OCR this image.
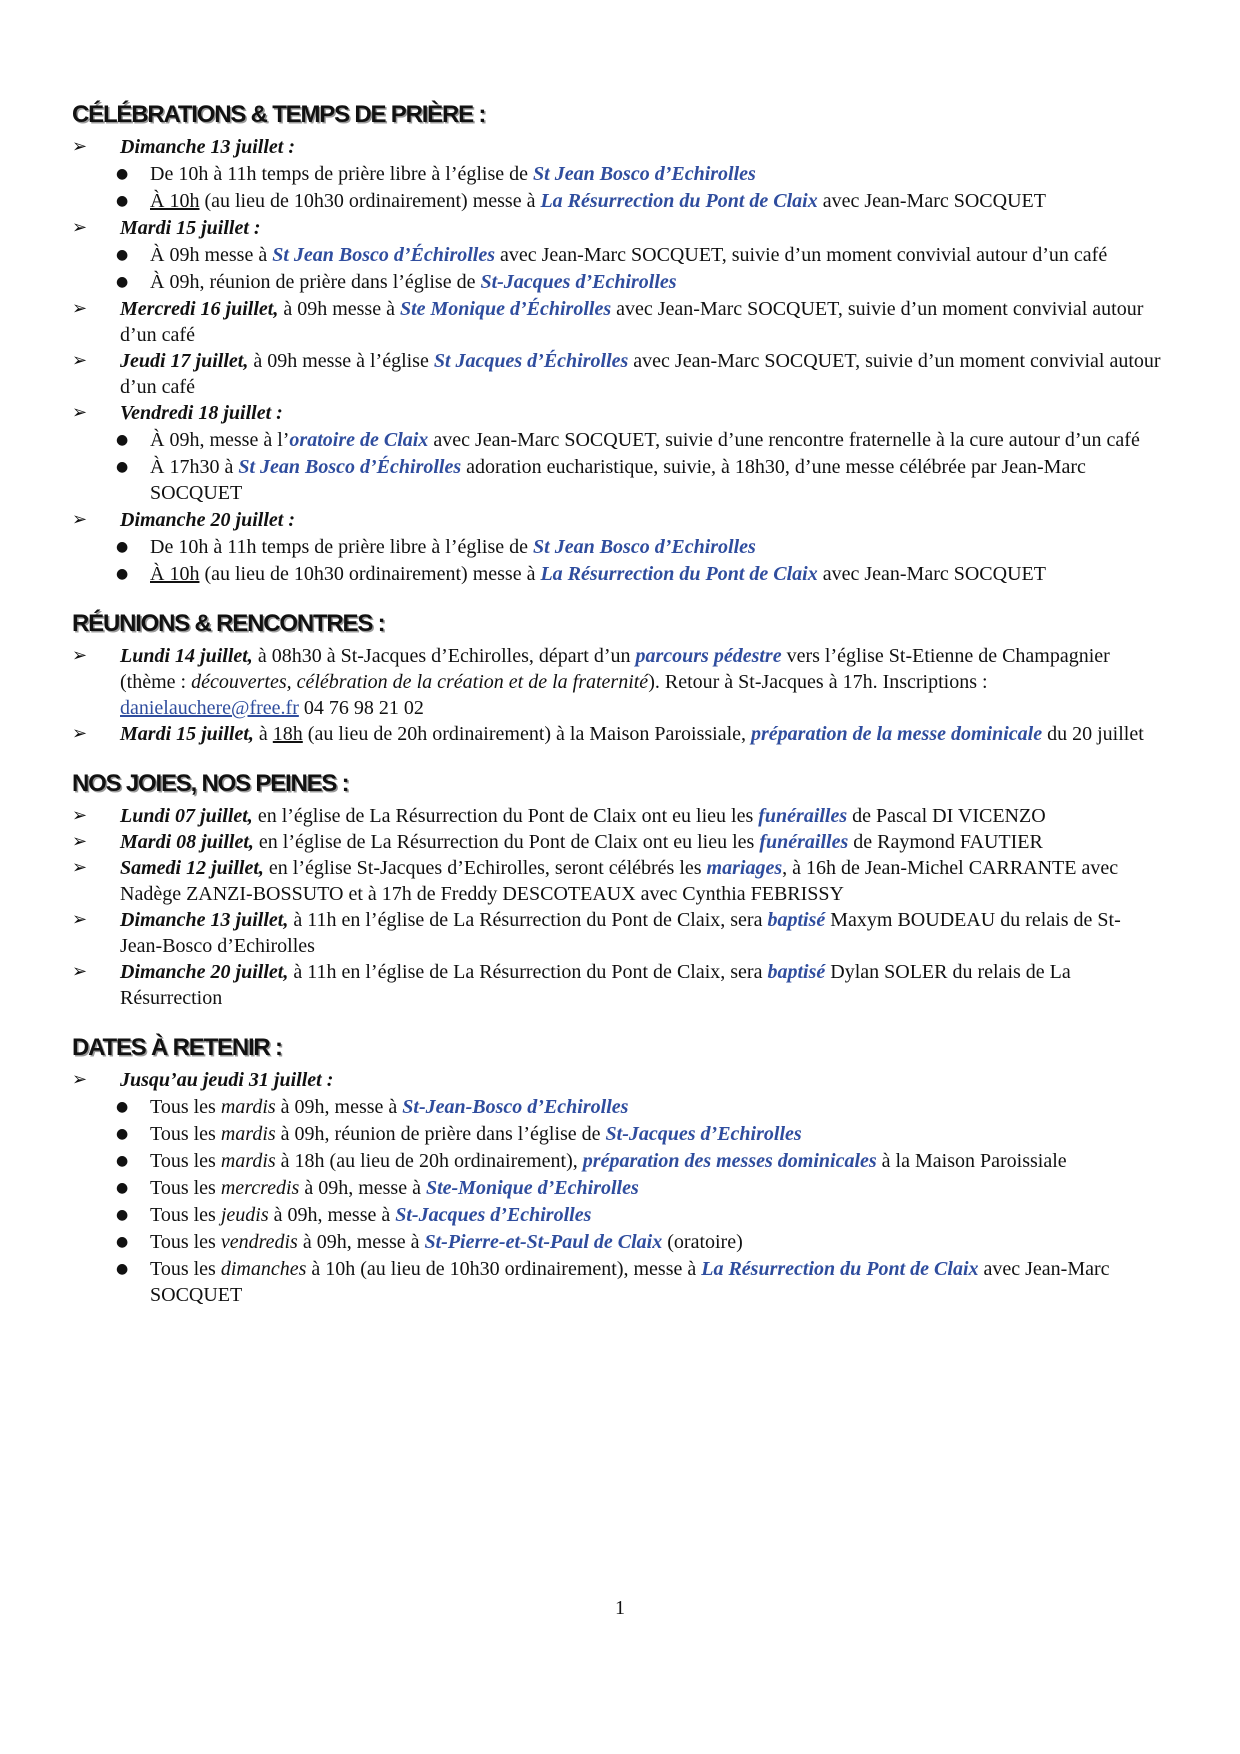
CÉLÉBRATIONS & TEMPS DE PRIÈRE :
➢	Dimanche 13 juillet :
●	De 10h à 11h temps de prière libre à l’église de St Jean Bosco d’Echirolles
●	À 10h (au lieu de 10h30 ordinairement) messe à La Résurrection du Pont de Claix avec Jean-Marc SOCQUET
➢	Mardi 15 juillet :
●	À 09h messe à St Jean Bosco d’Échirolles avec Jean-Marc SOCQUET, suivie d’un moment convivial autour d’un café
●	À 09h, réunion de prière dans l’église de St-Jacques d’Echirolles
➢	Mercredi 16 juillet, à 09h messe à Ste Monique d’Échirolles avec Jean-Marc SOCQUET, suivie d’un moment convivial autour d’un café
➢	Jeudi 17 juillet, à 09h messe à l’église St Jacques d’Échirolles avec Jean-Marc SOCQUET, suivie d’un moment convivial autour d’un café
➢	Vendredi 18 juillet :
●	À 09h, messe à l’oratoire de Claix avec Jean-Marc SOCQUET, suivie d’une rencontre fraternelle à la cure autour d’un café
●	À 17h30 à St Jean Bosco d’Échirolles adoration eucharistique, suivie, à 18h30, d’une messe célébrée par Jean-Marc SOCQUET
➢	Dimanche 20 juillet :
●	De 10h à 11h temps de prière libre à l’église de St Jean Bosco d’Echirolles
●	À 10h (au lieu de 10h30 ordinairement) messe à La Résurrection du Pont de Claix avec Jean-Marc SOCQUET
RÉUNIONS & RENCONTRES :
➢	Lundi 14 juillet, à 08h30 à St-Jacques d’Echirolles, départ d’un parcours pédestre vers l’église St-Etienne de Champagnier (thème : découvertes, célébration de la création et de la fraternité). Retour à St-Jacques à 17h. Inscriptions : danielauchere@free.fr 04 76 98 21 02
➢	Mardi 15 juillet, à 18h (au lieu de 20h ordinairement) à la Maison Paroissiale, préparation de la messe dominicale du 20 juillet
NOS JOIES, NOS PEINES :
➢	Lundi 07 juillet, en l’église de La Résurrection du Pont de Claix ont eu lieu les funérailles de Pascal DI VICENZO
➢	Mardi 08 juillet, en l’église de La Résurrection du Pont de Claix ont eu lieu les funérailles de Raymond FAUTIER
➢	Samedi 12 juillet, en l’église St-Jacques d’Echirolles, seront célébrés les mariages, à 16h de Jean-Michel CARRANTE avec Nadège ZANZI-BOSSUTO et à 17h de Freddy DESCOTEAUX avec Cynthia FEBRISSY
➢	Dimanche 13 juillet, à 11h en l’église de La Résurrection du Pont de Claix, sera baptisé Maxym BOUDEAU du relais de St-Jean-Bosco d’Echirolles
➢	Dimanche 20 juillet, à 11h en l’église de La Résurrection du Pont de Claix, sera baptisé Dylan SOLER du relais de La Résurrection
DATES À RETENIR :
➢	Jusqu’au jeudi 31 juillet :
●	Tous les mardis à 09h, messe à St-Jean-Bosco d’Echirolles
●	Tous les mardis à 09h, réunion de prière dans l’église de St-Jacques d’Echirolles
●	Tous les mardis à 18h (au lieu de 20h ordinairement), préparation des messes dominicales à la Maison Paroissiale
●	Tous les mercredis à 09h, messe à Ste-Monique d’Echirolles
●	Tous les jeudis à 09h, messe à St-Jacques d’Echirolles
●	Tous les vendredis à 09h, messe à St-Pierre-et-St-Paul de Claix (oratoire)
●	Tous les dimanches à 10h (au lieu de 10h30 ordinairement), messe à La Résurrection du Pont de Claix avec Jean-Marc SOCQUET
1
